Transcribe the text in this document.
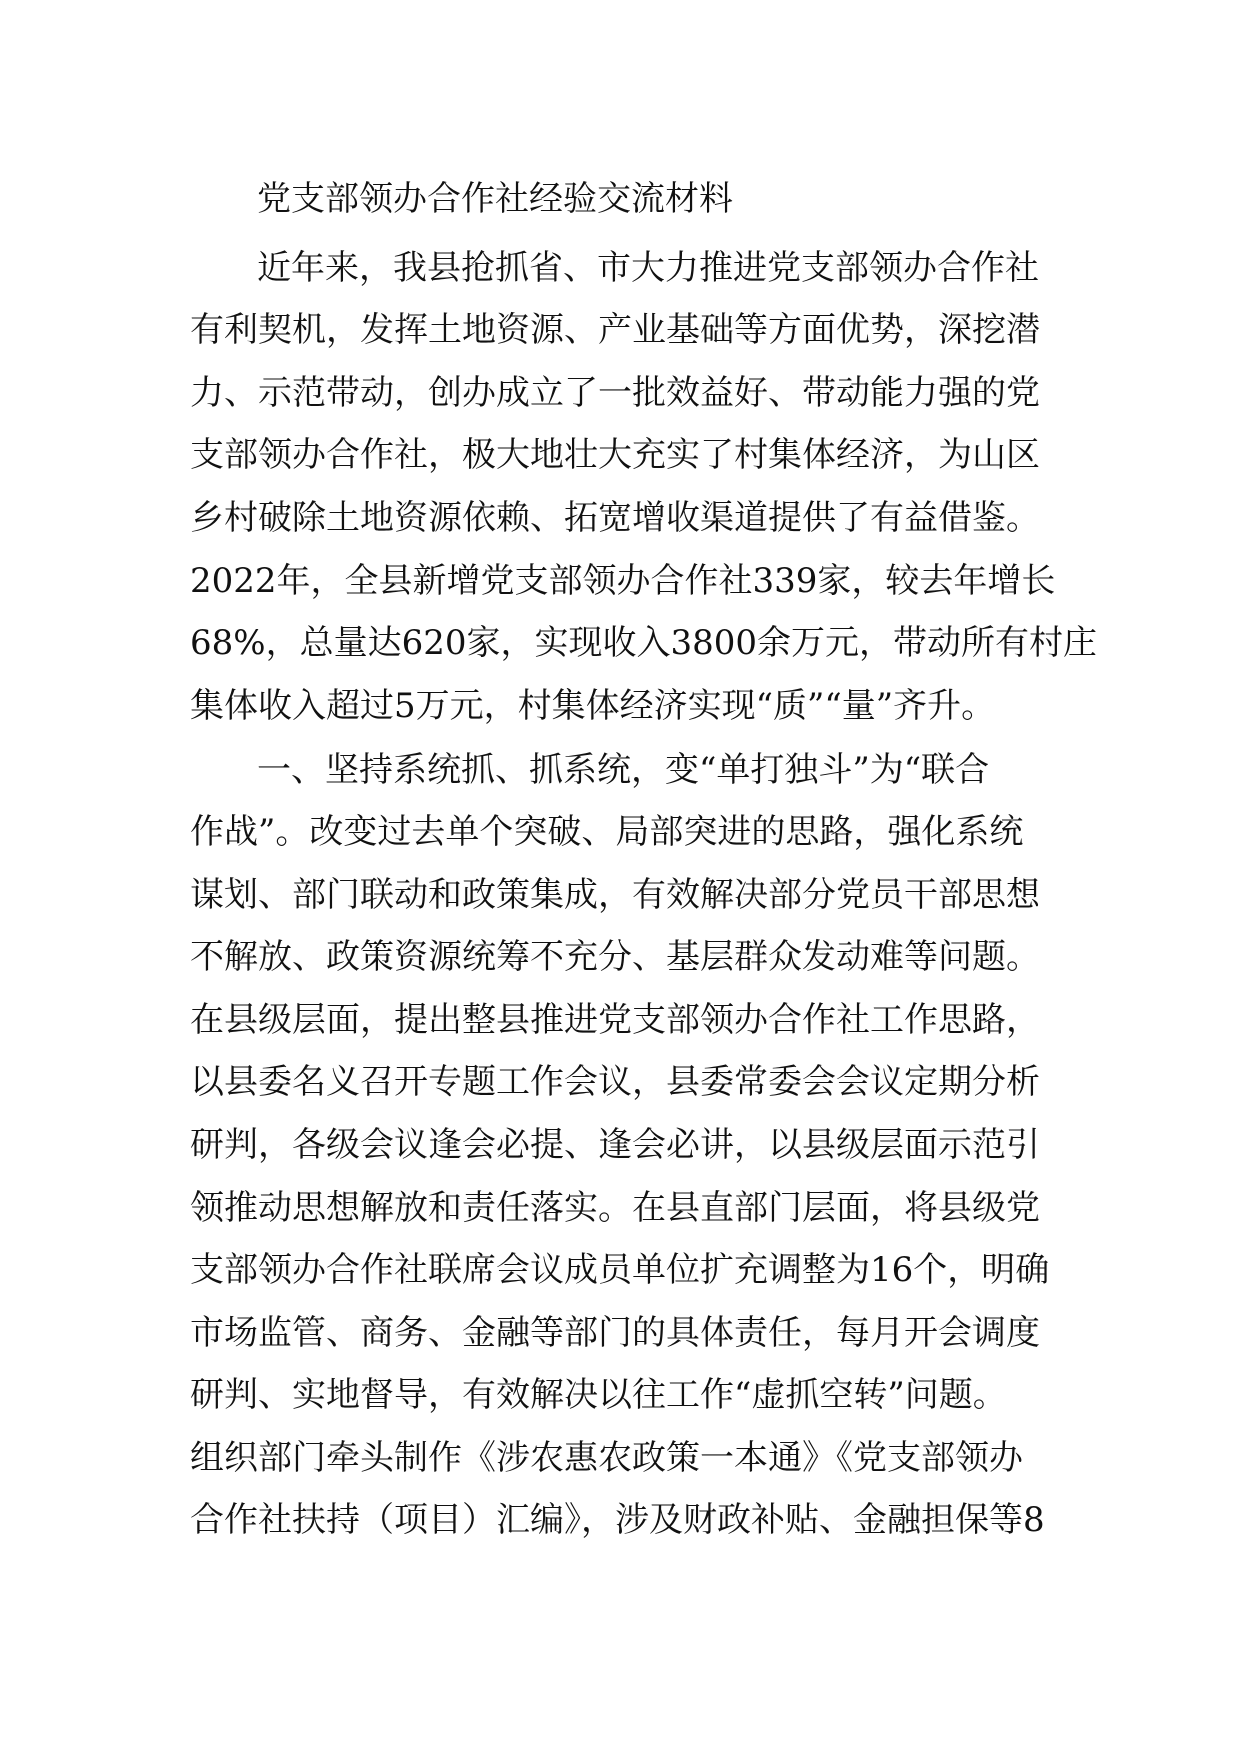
党支部领办合作社经验交流材料
近年来，我县抢抓省、市大力推进党支部领办合作社
有利契机，发挥土地资源、产业基础等方面优势，深挖潜
力、示范带动，创办成立了一批效益好、带动能力强的党
支部领办合作社，极大地壮大充实了村集体经济，为山区
乡村破除土地资源依赖、拓宽增收渠道提供了有益借鉴。
2022年，全县新增党支部领办合作社339家，较去年增长
68%，总量达620家，实现收入3800余万元，带动所有村庄
集体收入超过5万元，村集体经济实现“质”“量”齐升。
一、坚持系统抓、抓系统，变“单打独斗”为“联合
作战”。改变过去单个突破、局部突进的思路，强化系统
谋划、部门联动和政策集成，有效解决部分党员干部思想
不解放、政策资源统筹不充分、基层群众发动难等问题。
在县级层面，提出整县推进党支部领办合作社工作思路，
以县委名义召开专题工作会议，县委常委会会议定期分析
研判，各级会议逢会必提、逢会必讲，以县级层面示范引
领推动思想解放和责任落实。在县直部门层面，将县级党
支部领办合作社联席会议成员单位扩充调整为16个，明确
市场监管、商务、金融等部门的具体责任，每月开会调度
研判、实地督导，有效解决以往工作“虚抓空转”问题。
组织部门牵头制作《涉农惠农政策一本通》《党支部领办
合作社扶持（项目）汇编》，涉及财政补贴、金融担保等8
